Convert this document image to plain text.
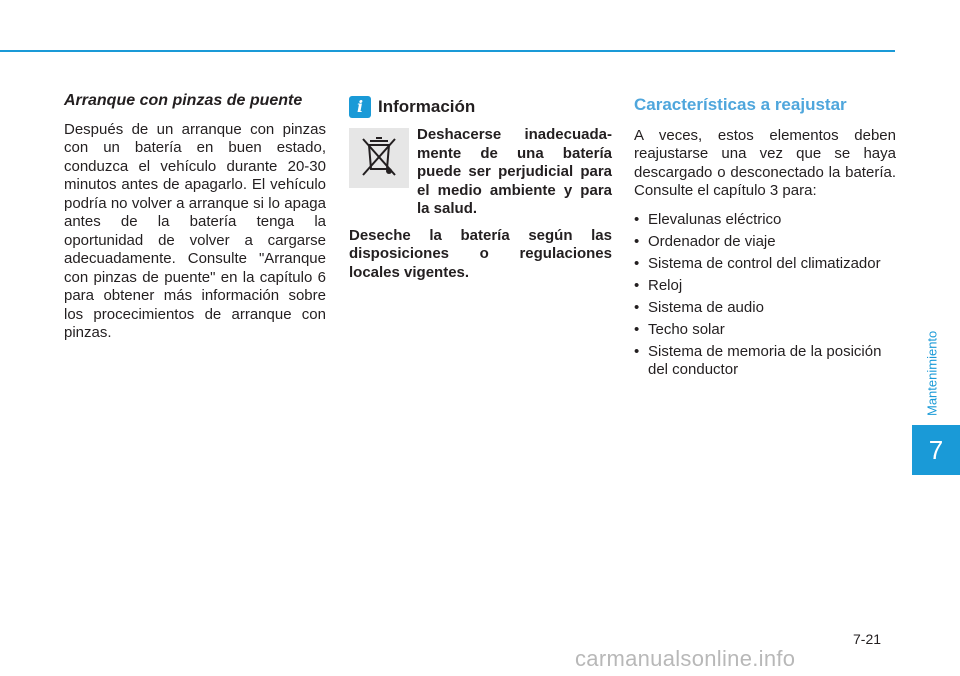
Arranque con pinzas de puente

Después de un arranque con pinzas con un batería en buen estado, conduzca el vehículo durante 20-30 minutos antes de apagarlo. El vehículo podría no volver a arranque si lo apaga antes de la batería tenga la oportunidad de volver a cargarse adecuadamente. Consulte "Arranque con pinzas de puente" en la capítulo 6 para obtener más información sobre los procecimientos de arranque con pinzas.

i Información

Deshacerse inadecuada-mente de una batería puede ser perjudicial para el medio ambiente y para la salud.

Deseche la batería según las disposiciones o regulaciones locales vigentes.

Características a reajustar

A veces, estos elementos deben reajustarse una vez que se haya descargado o desconectado la batería. Consulte el capítulo 3 para:

• Elevalunas eléctrico
• Ordenador de viaje
• Sistema de control del climatizador
• Reloj
• Sistema de audio
• Techo solar
• Sistema de memoria de la posición del conductor	Mantenimiento
7
7-21
carmanualsonline.info
